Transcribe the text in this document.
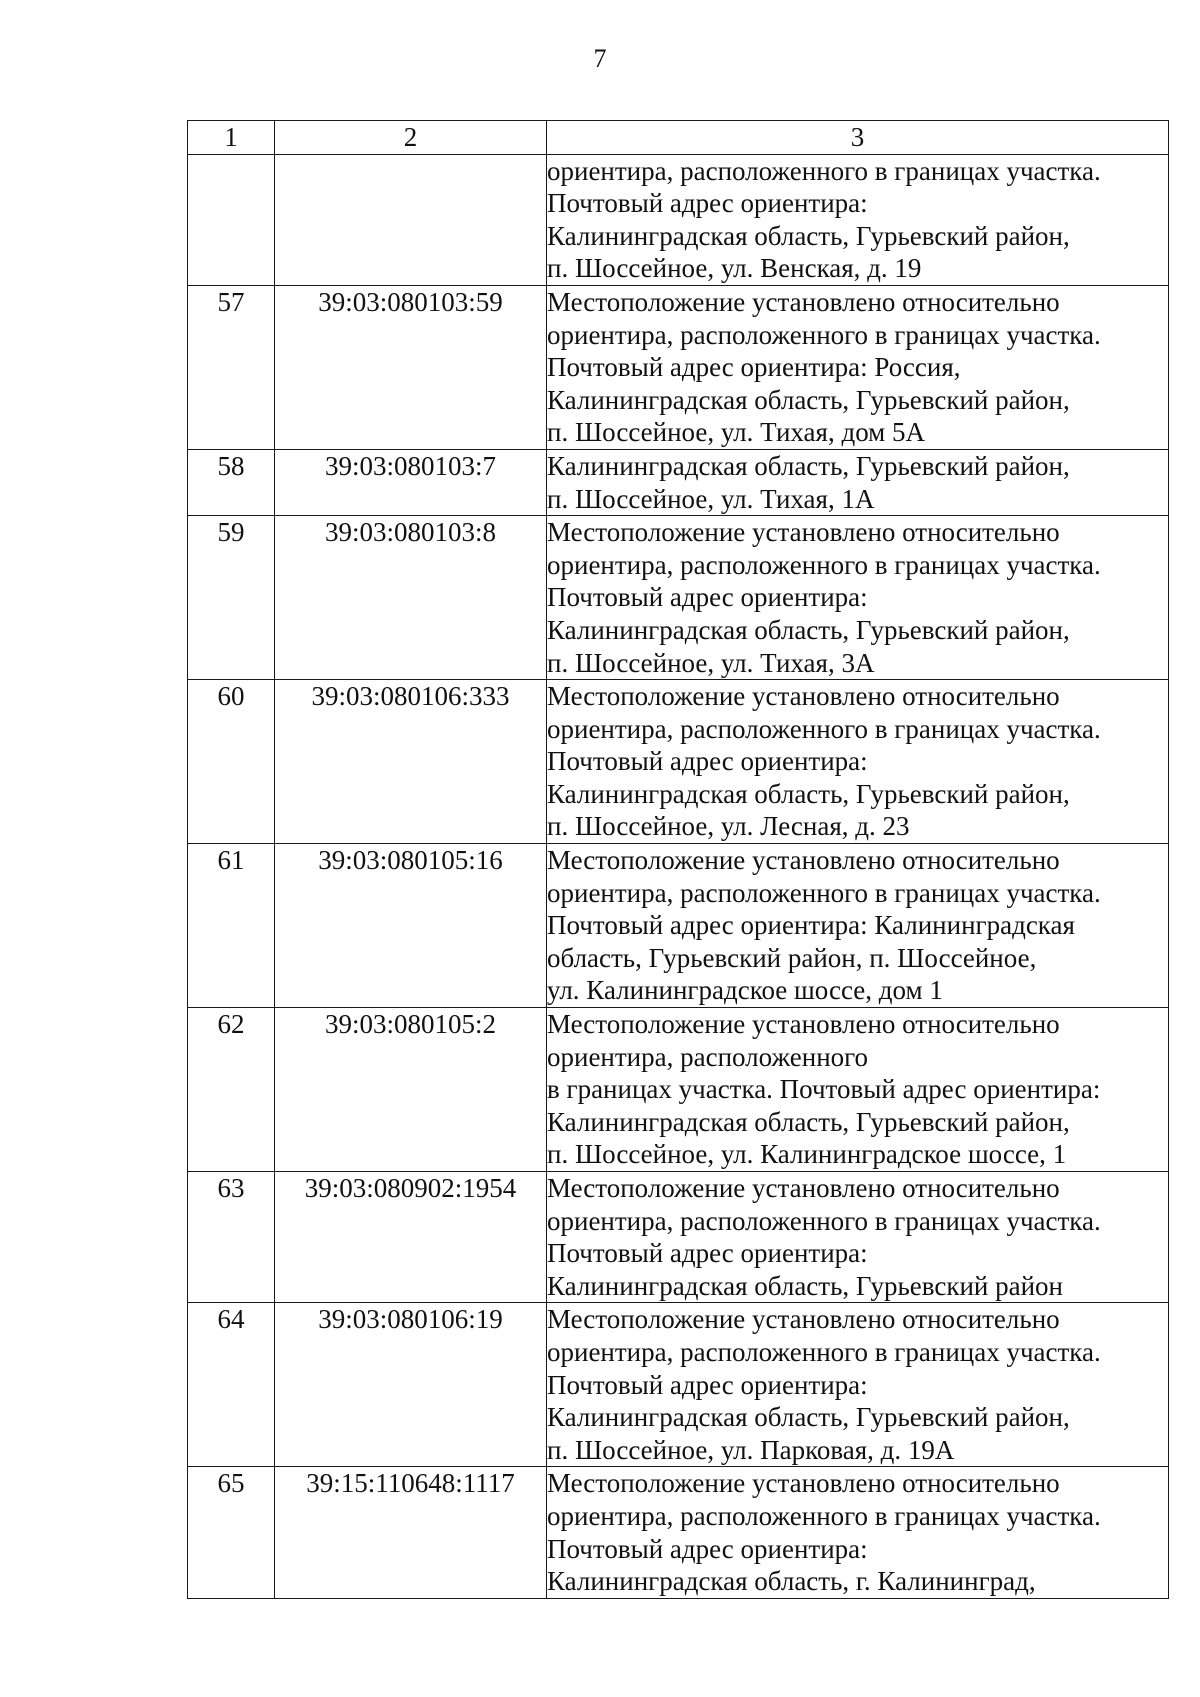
7
1	2	3

		ориентира, расположенного в границах участка.
Почтовый адрес ориентира:
Калининградская область, Гурьевский район,
п. Шоссейное, ул. Венская, д. 19

57	39:03:080103:59	Местоположение установлено относительно
ориентира, расположенного в границах участка.
Почтовый адрес ориентира: Россия,
Калининградская область, Гурьевский район,
п. Шоссейное, ул. Тихая, дом 5А

58	39:03:080103:7	Калининградская область, Гурьевский район,
п. Шоссейное, ул. Тихая, 1А

59	39:03:080103:8	Местоположение установлено относительно
ориентира, расположенного в границах участка.
Почтовый адрес ориентира:
Калининградская область, Гурьевский район,
п. Шоссейное, ул. Тихая, 3А

60	39:03:080106:333	Местоположение установлено относительно
ориентира, расположенного в границах участка.
Почтовый адрес ориентира:
Калининградская область, Гурьевский район,
п. Шоссейное, ул. Лесная, д. 23

61	39:03:080105:16	Местоположение установлено относительно
ориентира, расположенного в границах участка.
Почтовый адрес ориентира: Калининградская
область, Гурьевский район, п. Шоссейное,
ул. Калининградское шоссе, дом 1

62	39:03:080105:2	Местоположение установлено относительно
ориентира, расположенного
в границах участка. Почтовый адрес ориентира:
Калининградская область, Гурьевский район,
п. Шоссейное, ул. Калининградское шоссе, 1

63	39:03:080902:1954	Местоположение установлено относительно
ориентира, расположенного в границах участка.
Почтовый адрес ориентира:
Калининградская область, Гурьевский район

64	39:03:080106:19	Местоположение установлено относительно
ориентира, расположенного в границах участка.
Почтовый адрес ориентира:
Калининградская область, Гурьевский район,
п. Шоссейное, ул. Парковая, д. 19А

65	39:15:110648:1117	Местоположение установлено относительно
ориентира, расположенного в границах участка.
Почтовый адрес ориентира:
Калининградская область, г. Калининград,
